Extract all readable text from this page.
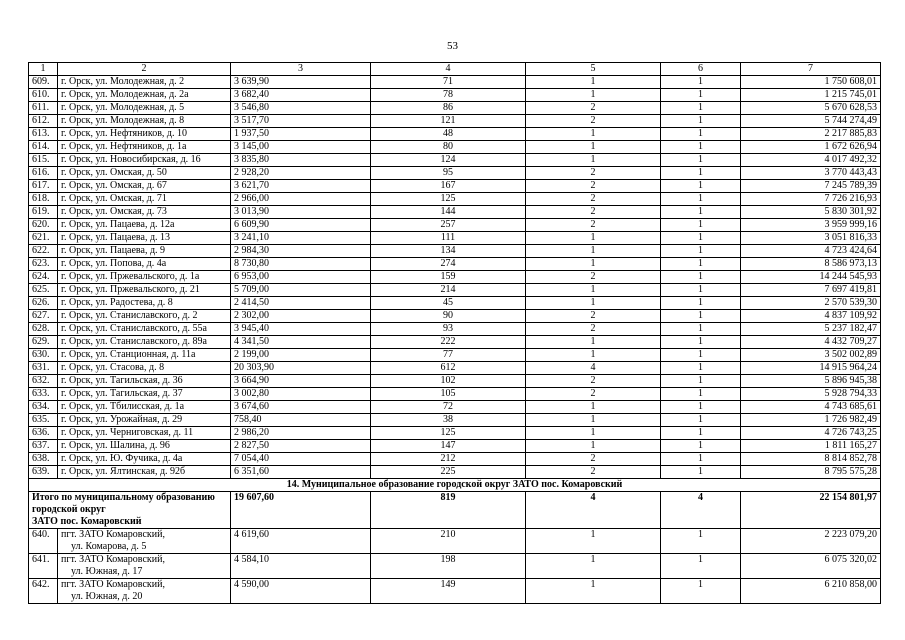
53
1	2	3	4	5	6	7
609.	г. Орск, ул. Молодежная, д. 2	3 639,90	71	1	1	1 750 608,01
610.	г. Орск, ул. Молодежная, д. 2а	3 682,40	78	1	1	1 215 745,01
611.	г. Орск, ул. Молодежная, д. 5	3 546,80	86	2	1	5 670 628,53
612.	г. Орск, ул. Молодежная, д. 8	3 517,70	121	2	1	5 744 274,49
613.	г. Орск, ул. Нефтяников, д. 10	1 937,50	48	1	1	2 217 885,83
614.	г. Орск, ул. Нефтяников, д. 1а	3 145,00	80	1	1	1 672 626,94
615.	г. Орск, ул. Новосибирская, д. 16	3 835,80	124	1	1	4 017 492,32
616.	г. Орск, ул. Омская, д. 50	2 928,20	95	2	1	3 770 443,43
617.	г. Орск, ул. Омская, д. 67	3 621,70	167	2	1	7 245 789,39
618.	г. Орск, ул. Омская, д. 71	2 966,00	125	2	1	7 726 216,93
619.	г. Орск, ул. Омская, д. 73	3 013,90	144	2	1	5 830 301,92
620.	г. Орск, ул. Пацаева, д. 12а	6 609,90	257	2	1	3 959 999,16
621.	г. Орск, ул. Пацаева, д. 13	3 241,10	111	1	1	3 051 816,33
622.	г. Орск, ул. Пацаева, д. 9	2 984,30	134	1	1	4 723 424,64
623.	г. Орск, ул. Попова, д. 4а	8 730,80	274	1	1	8 586 973,13
624.	г. Орск, ул. Пржевальского, д. 1а	6 953,00	159	2	1	14 244 545,93
625.	г. Орск, ул. Пржевальского, д. 21	5 709,00	214	1	1	7 697 419,81
626.	г. Орск, ул. Радостева, д. 8	2 414,50	45	1	1	2 570 539,30
627.	г. Орск, ул. Станиславского, д. 2	2 302,00	90	2	1	4 837 109,92
628.	г. Орск, ул. Станиславского, д. 55а	3 945,40	93	2	1	5 237 182,47
629.	г. Орск, ул. Станиславского, д. 89а	4 341,50	222	1	1	4 432 709,27
630.	г. Орск, ул. Станционная, д. 11а	2 199,00	77	1	1	3 502 002,89
631.	г. Орск, ул. Стасова, д. 8	20 303,90	612	4	1	14 915 964,24
632.	г. Орск, ул. Тагильская, д. 36	3 664,90	102	2	1	5 896 945,38
633.	г. Орск, ул. Тагильская, д. 37	3 002,80	105	2	1	5 928 794,33
634.	г. Орск, ул. Тбилисская, д. 1а	3 674,60	72	1	1	4 743 685,61
635.	г. Орск, ул. Урожайная, д. 29	758,40	38	1	1	1 726 982,49
636.	г. Орск, ул. Черниговская, д. 11	2 986,20	125	1	1	4 726 743,25
637.	г. Орск, ул. Шалина, д. 96	2 827,50	147	1	1	1 811 165,27
638.	г. Орск, ул. Ю. Фучика, д. 4а	7 054,40	212	2	1	8 814 852,78
639.	г. Орск, ул. Ялтинская, д. 92б	6 351,60	225	2	1	8 795 575,28
14. Муниципальное образование городской округ ЗАТО пос. Комаровский						
Итого по муниципальному образованию
городской округ
ЗАТО пос. Комаровский		19 607,60	819	4	4	22 154 801,97
640.	пгт. ЗАТО Комаровский,
ул. Комарова, д. 5	4 619,60	210	1	1	2 223 079,20
641.	пгт. ЗАТО Комаровский,
ул. Южная, д. 17	4 584,10	198	1	1	6 075 320,02
642.	пгт. ЗАТО Комаровский,
ул. Южная, д. 20	4 590,00	149	1	1	6 210 858,00
